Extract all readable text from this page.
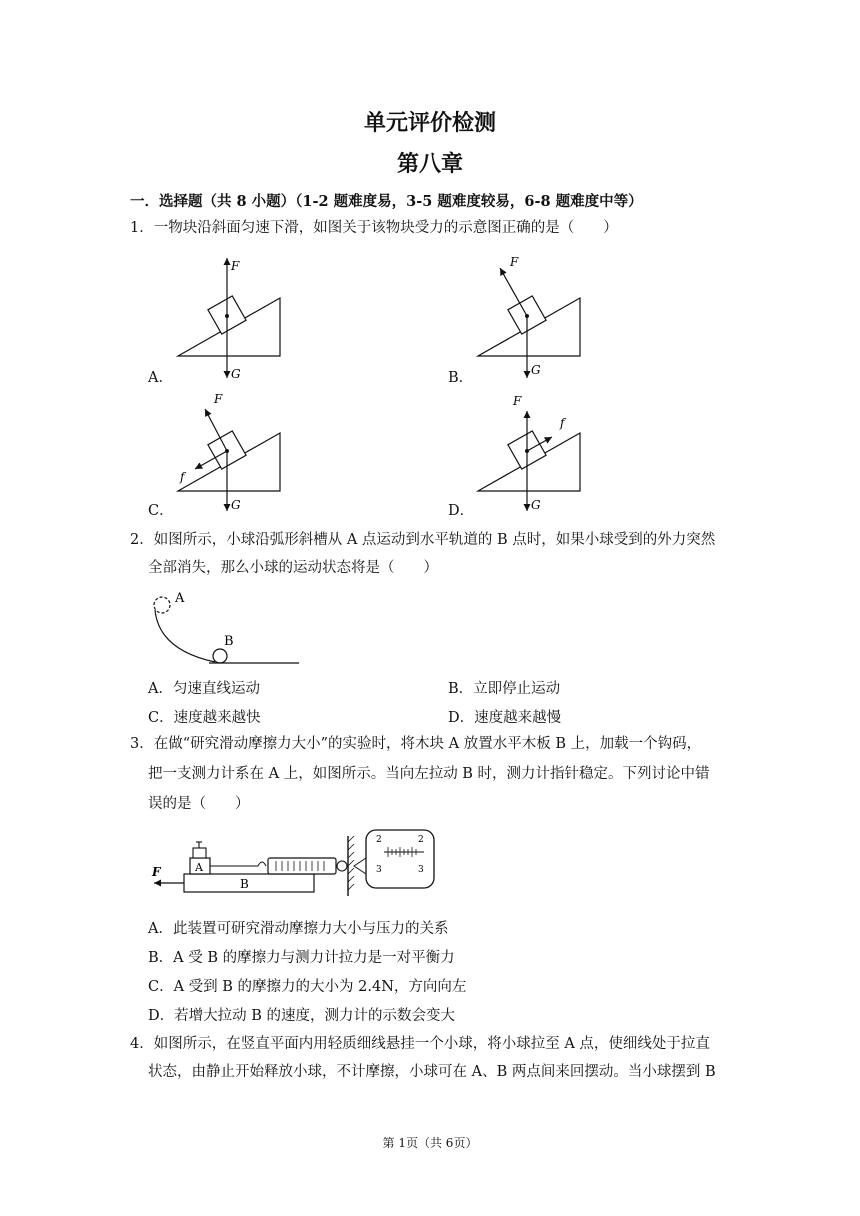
单元评价检测
第八章
一．选择题（共 8 小题）（1-2 题难度易，3-5 题难度较易，6-8 题难度中等）
1．一物块沿斜面匀速下滑，如图关于该物块受力的示意图正确的是（　　）
A．	B．
C．	D．
F
G
F
G
F
G
f
F
G
f
2．如图所示，小球沿弧形斜槽从 A 点运动到水平轨道的 B 点时，如果小球受到的外力突然
全部消失，那么小球的运动状态将是（　　）
A
B
A．匀速直线运动	B．立即停止运动
C．速度越来越快	D．速度越来越慢
3．在做“研究滑动摩擦力大小”的实验时，将木块 A 放置水平木板 B 上，加载一个钩码，
把一支测力计系在 A 上，如图所示。当向左拉动 B 时，测力计指针稳定。下列讨论中错
误的是（　　）
B
F	A
2	2
3	3
A．此装置可研究滑动摩擦力大小与压力的关系
B．A 受 B 的摩擦力与测力计拉力是一对平衡力
C．A 受到 B 的摩擦力的大小为 2.4N，方向向左
D．若增大拉动 B 的速度，测力计的示数会变大
4．如图所示，在竖直平面内用轻质细线悬挂一个小球，将小球拉至 A 点，使细线处于拉直
状态，由静止开始释放小球，不计摩擦，小球可在 A、B 两点间来回摆动。当小球摆到 B
第 1页（共 6页）
